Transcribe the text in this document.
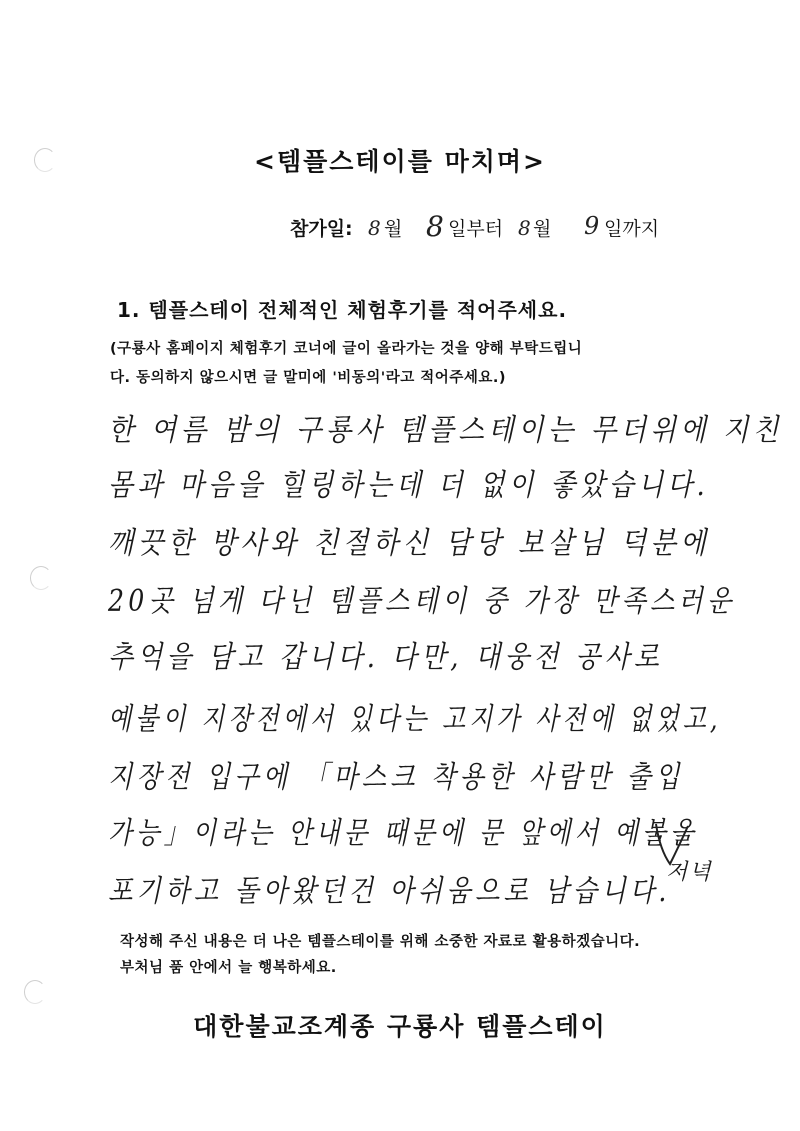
<템플스테이를 마치며>
참가일: 8 월 8 일부터 8 월 9 일까지
1. 템플스테이 전체적인 체험후기를 적어주세요.
(구룡사 홈페이지 체험후기 코너에 글이 올라가는 것을 양해 부탁드립니
다. 동의하지 않으시면 글 말미에 '비동의'라고 적어주세요.)
한 여름 밤의 구룡사 템플스테이는 무더위에 지친
몸과 마음을 힐링하는데 더 없이 좋았습니다.
깨끗한 방사와 친절하신 담당 보살님 덕분에
20곳 넘게 다닌 템플스테이 중 가장 만족스러운
추억을 담고 갑니다. 다만, 대웅전 공사로
예불이 지장전에서 있다는 고지가 사전에 없었고,
지장전 입구에 「마스크 착용한 사람만 출입
가능」이라는 안내문 때문에 문 앞에서 예불을
포기하고 돌아왔던건 아쉬움으로 남습니다.
저녁
작성해 주신 내용은 더 나은 템플스테이를 위해 소중한 자료로 활용하겠습니다.
부처님 품 안에서 늘 행복하세요.
대한불교조계종 구룡사 템플스테이
